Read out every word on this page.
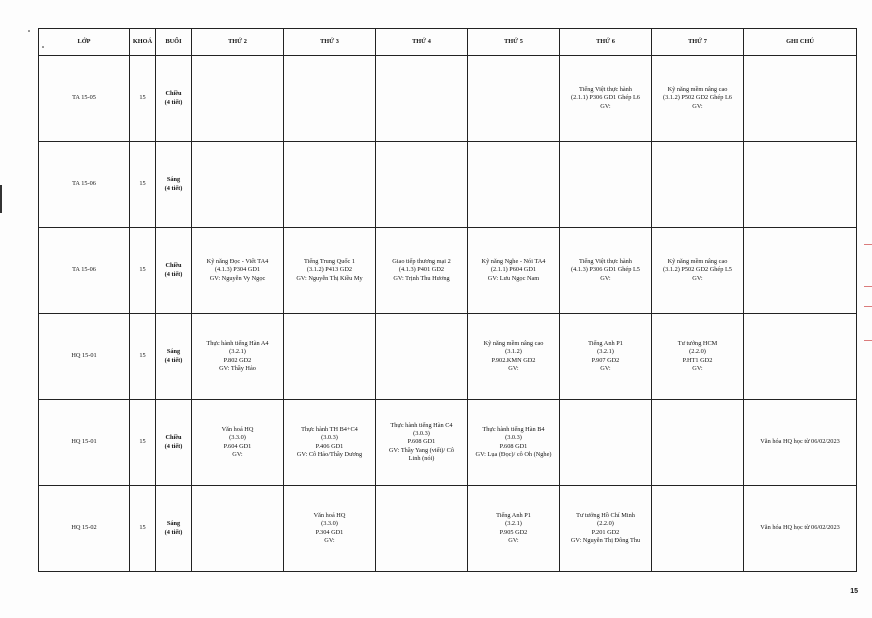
LỚP	KHOÁ	BUỔI	THỨ 2	THỨ 3	THỨ 4	THỨ 5	THỨ 6	THỨ 7	GHI CHÚ
TA 15-05	15	Chiều
(4 tiết)					Tiếng Việt thực hành
(2.1.1) P306 GD1 Ghép L6
GV:	Kỹ năng mềm nâng cao
(3.1.2) P502 GD2 Ghép L6
GV:	

TA 15-06	15	Sáng
(4 tiết)							

TA 15-06	15	Chiều
(4 tiết)	Kỹ năng Đọc - Viết TA4
(4.1.3) P304 GD1
GV: Nguyễn Vy Ngọc	Tiếng Trung Quốc 1
(3.1.2) P413 GD2
GV: Nguyễn Thị Kiều My	Giao tiếp thương mại 2
(4.1.3) P401 GD2
GV: Trịnh Thu Hương	Kỹ năng Nghe - Nói TA4
(2.1.1) P604 GD1
GV: Lưu Ngọc Nam	Tiếng Việt thực hành
(4.1.3) P306 GD1 Ghép L5
GV:	Kỹ năng mềm nâng cao
(3.1.2) P502 GD2 Ghép L5
GV:	

HQ 15-01	15	Sáng
(4 tiết)	Thực hành tiếng Hàn A4
(3.2.1)
P.802 GD2
GV: Thầy Hảo			Kỹ năng mềm nâng cao
(3.1.2)
P.902.KMN GD2
GV:	Tiếng Anh P1
(3.2.1)
P.907 GD2
GV:	Tư tưởng HCM
(2.2.0)
P.HT1 GD2
GV:	

HQ 15-01	15	Chiều
(4 tiết)	Văn hoá HQ
(3.3.0)
P.604 GD1
GV:	Thực hành TH B4+C4
(3.0.3)
P.406 GD1
GV: Cô Hảo/Thầy Dương	Thực hành tiếng Hàn C4
(3.0.3)
P.608 GD1
GV: Thầy Yang (viết)/ Cô
Linh (nói)	Thực hành tiếng Hàn B4
(3.0.3)
P.608 GD1
GV: Lụa (Đọc)/ cô Oh (Nghe)			Văn hóa HQ học từ 06/02/2023
HQ 15-02	15	Sáng
(4 tiết)		Văn hoá HQ
(3.3.0)
P.304 GD1
GV:		Tiếng Anh P1
(3.2.1)
P.905 GD2
GV:	Tư tưởng Hồ Chí Minh
(2.2.0)
P.201 GD2
GV: Nguyễn Thị Đông Thu		Văn hóa HQ học từ 06/02/2023
15
